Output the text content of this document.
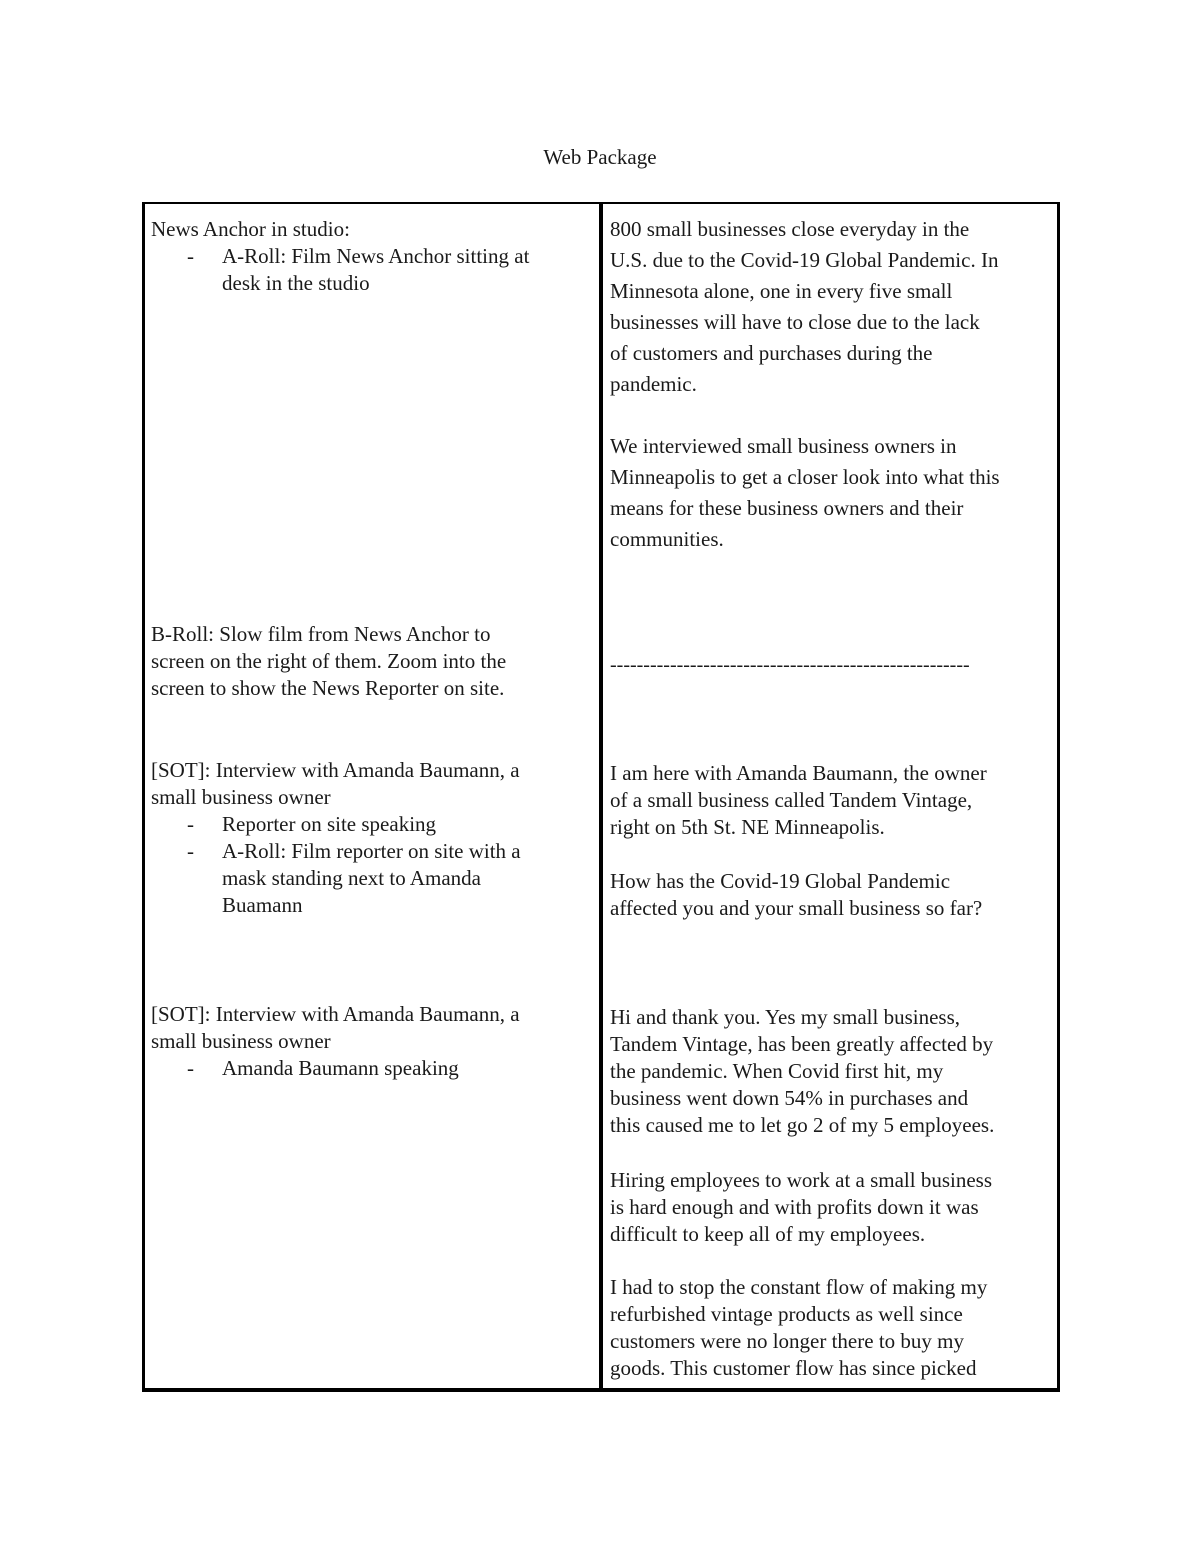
Web Package
News Anchor in studio:
- A-Roll: Film News Anchor sitting at
desk in the studio
800 small businesses close everyday in the
U.S. due to the Covid-19 Global Pandemic. In
Minnesota alone, one in every five small
businesses will have to close due to the lack
of customers and purchases during the
pandemic.
We interviewed small business owners in
Minneapolis to get a closer look into what this
means for these business owners and their
communities.
B-Roll: Slow film from News Anchor to
screen on the right of them. Zoom into the
screen to show the News Reporter on site.
------------------------------------------------------
[SOT]: Interview with Amanda Baumann, a
small business owner
- Reporter on site speaking
- A-Roll: Film reporter on site with a
mask standing next to Amanda
Buamann
I am here with Amanda Baumann, the owner
of a small business called Tandem Vintage,
right on 5th St. NE Minneapolis.
How has the Covid-19 Global Pandemic
affected you and your small business so far?
[SOT]: Interview with Amanda Baumann, a
small business owner
- Amanda Baumann speaking
Hi and thank you. Yes my small business,
Tandem Vintage, has been greatly affected by
the pandemic. When Covid first hit, my
business went down 54% in purchases and
this caused me to let go 2 of my 5 employees.
Hiring employees to work at a small business
is hard enough and with profits down it was
difficult to keep all of my employees.
I had to stop the constant flow of making my
refurbished vintage products as well since
customers were no longer there to buy my
goods. This customer flow has since picked
